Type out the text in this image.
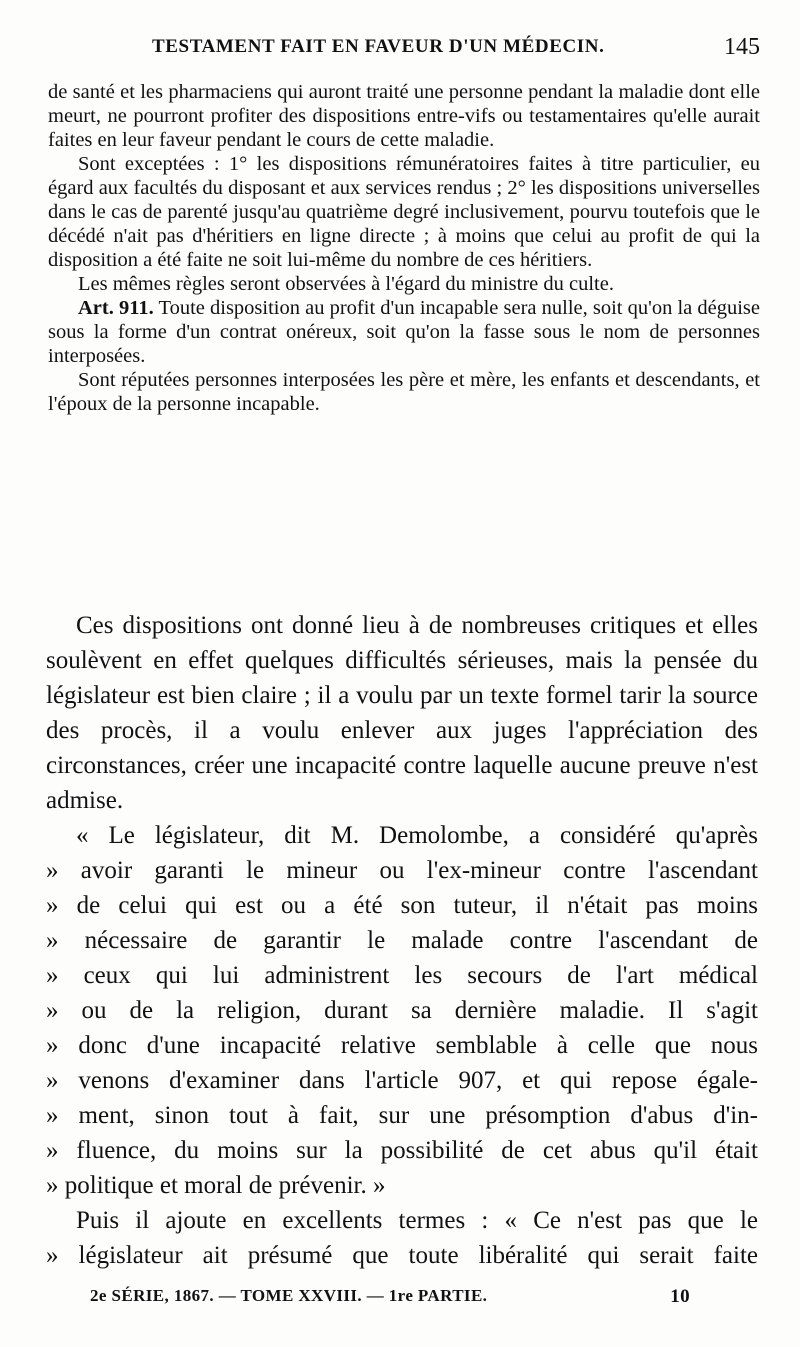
TESTAMENT FAIT EN FAVEUR D'UN MÉDECIN.	145

de santé et les pharmaciens qui auront traité une personne pendant la maladie dont elle meurt, ne pourront profiter des dispositions entre-vifs ou testamentaires qu'elle aurait faites en leur faveur pendant le cours de cette maladie.

Sont exceptées : 1° les dispositions rémunératoires faites à titre particulier, eu égard aux facultés du disposant et aux services rendus ; 2° les dispositions universelles dans le cas de parenté jusqu'au quatrième degré inclusivement, pourvu toutefois que le décédé n'ait pas d'héritiers en ligne directe ; à moins que celui au profit de qui la disposition a été faite ne soit lui-même du nombre de ces héritiers.

Les mêmes règles seront observées à l'égard du ministre du culte.

Art. 911. Toute disposition au profit d'un incapable sera nulle, soit qu'on la déguise sous la forme d'un contrat onéreux, soit qu'on la fasse sous le nom de personnes interposées.

Sont réputées personnes interposées les père et mère, les enfants et descendants, et l'époux de la personne incapable.

Ces dispositions ont donné lieu à de nombreuses critiques et elles soulèvent en effet quelques difficultés sérieuses, mais la pensée du législateur est bien claire ; il a voulu par un texte formel tarir la source des procès, il a voulu enlever aux juges l'appréciation des circonstances, créer une incapacité contre laquelle aucune preuve n'est admise.

« Le législateur, dit M. Demolombe, a considéré qu'après
» avoir garanti le mineur ou l'ex-mineur contre l'ascendant
» de celui qui est ou a été son tuteur, il n'était pas moins
» nécessaire de garantir le malade contre l'ascendant de
» ceux qui lui administrent les secours de l'art médical
» ou de la religion, durant sa dernière maladie. Il s'agit
» donc d'une incapacité relative semblable à celle que nous
» venons d'examiner dans l'article 907, et qui repose égale-
» ment, sinon tout à fait, sur une présomption d'abus d'in-
» fluence, du moins sur la possibilité de cet abus qu'il était
» politique et moral de prévenir. »
Puis il ajoute en excellents termes : « Ce n'est pas que le
» législateur ait présumé que toute libéralité qui serait faite
2e SÉRIE, 1867. — TOME XXVIII. — 1re PARTIE.	10
